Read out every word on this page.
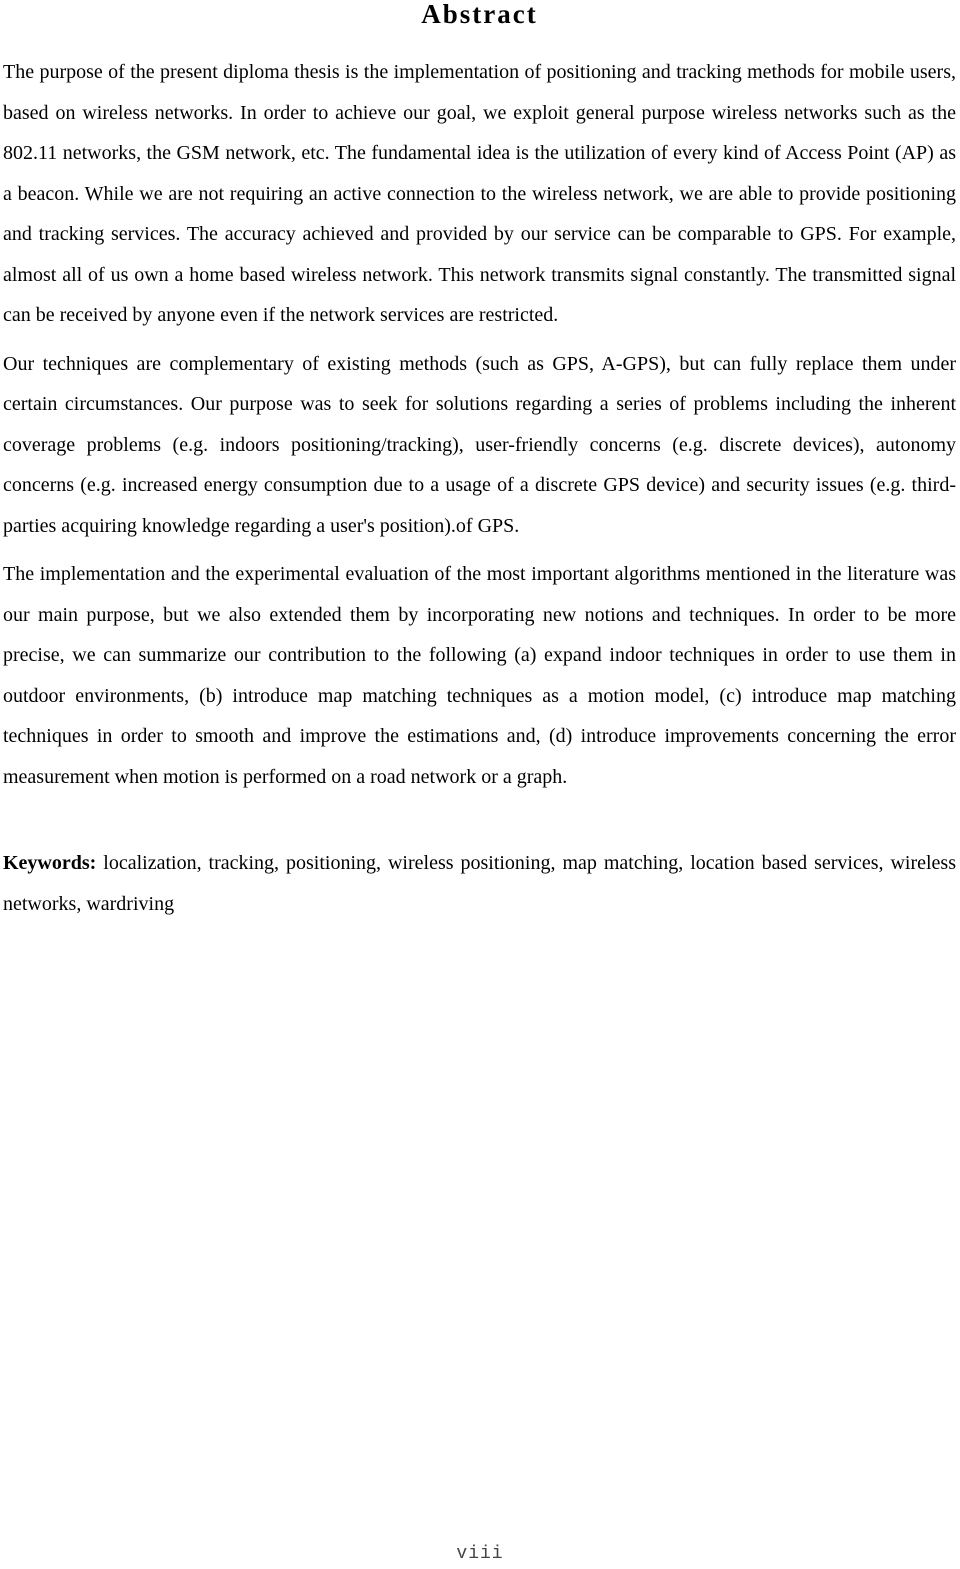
Abstract

The purpose of the present diploma thesis is the implementation of positioning and tracking methods for mobile users, based on wireless networks. In order to achieve our goal, we exploit general purpose wireless networks such as the 802.11 networks, the GSM network, etc. The fundamental idea is the utilization of every kind of Access Point (AP) as a beacon. While we are not requiring an active connection to the wireless network, we are able to provide positioning and tracking services. The accuracy achieved and provided by our service can be comparable to GPS. For example, almost all of us own a home based wireless network. This network transmits signal constantly. The transmitted signal can be received by anyone even if the network services are restricted.

Our techniques are complementary of existing methods (such as GPS, A-GPS), but can fully replace them under certain circumstances. Our purpose was to seek for solutions regarding a series of problems including the inherent coverage problems (e.g. indoors positioning/tracking), user-friendly concerns (e.g. discrete devices), autonomy concerns (e.g. increased energy consumption due to a usage of a discrete GPS device) and security issues (e.g. third-parties acquiring knowledge regarding a user's position).of GPS.

The implementation and the experimental evaluation of the most important algorithms mentioned in the literature was our main purpose, but we also extended them by incorporating new notions and techniques. In order to be more precise, we can summarize our contribution to the following (a) expand indoor techniques in order to use them in outdoor environments, (b) introduce map matching techniques as a motion model, (c) introduce map matching techniques in order to smooth and improve the estimations and, (d) introduce improvements concerning the error measurement when motion is performed on a road network or a graph.

Keywords: localization, tracking, positioning, wireless positioning, map matching, location based services, wireless networks, wardriving

viii
